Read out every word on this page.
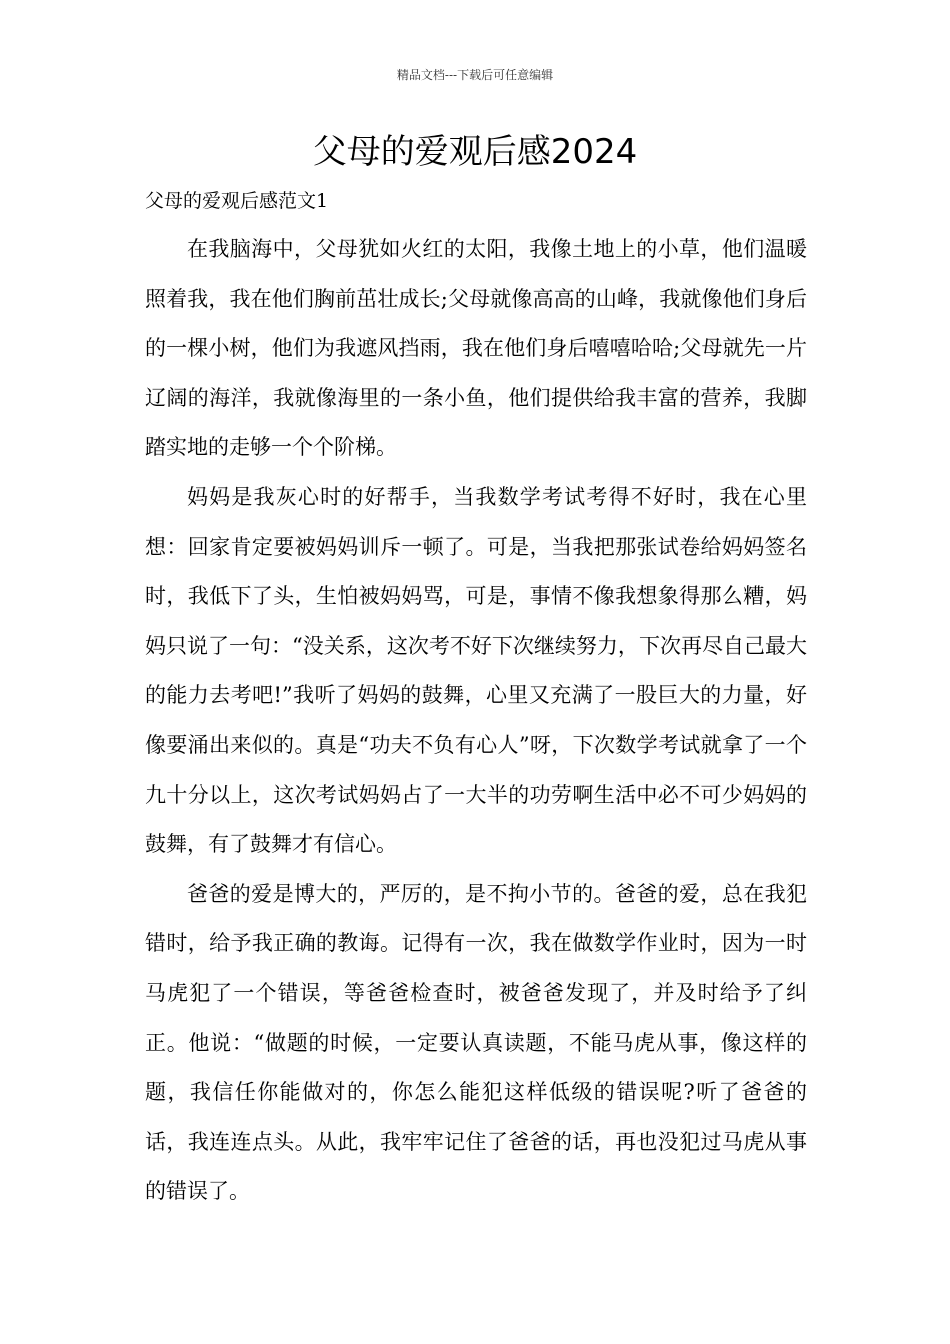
精品文档---下载后可任意编辑
父母的爱观后感2024

父母的爱观后感范文1

在我脑海中，父母犹如火红的太阳，我像土地上的小草，他们温暖照着我，我在他们胸前茁壮成长;父母就像高高的山峰，我就像他们身后的一棵小树，他们为我遮风挡雨，我在他们身后嘻嘻哈哈;父母就先一片辽阔的海洋，我就像海里的一条小鱼，他们提供给我丰富的营养，我脚踏实地的走够一个个阶梯。

妈妈是我灰心时的好帮手，当我数学考试考得不好时，我在心里想：回家肯定要被妈妈训斥一顿了。可是，当我把那张试卷给妈妈签名时，我低下了头，生怕被妈妈骂，可是，事情不像我想象得那么糟，妈妈只说了一句：“没关系，这次考不好下次继续努力，下次再尽自己最大的能力去考吧!”我听了妈妈的鼓舞，心里又充满了一股巨大的力量，好像要涌出来似的。真是“功夫不负有心人”呀，下次数学考试就拿了一个九十分以上，这次考试妈妈占了一大半的功劳啊生活中必不可少妈妈的鼓舞，有了鼓舞才有信心。

爸爸的爱是博大的，严厉的，是不拘小节的。爸爸的爱，总在我犯错时，给予我正确的教诲。记得有一次，我在做数学作业时，因为一时马虎犯了一个错误，等爸爸检查时，被爸爸发现了，并及时给予了纠正。他说：“做题的时候，一定要认真读题，不能马虎从事，像这样的题，我信任你能做对的，你怎么能犯这样低级的错误呢?听了爸爸的话，我连连点头。从此，我牢牢记住了爸爸的话，再也没犯过马虎从事的错误了。
